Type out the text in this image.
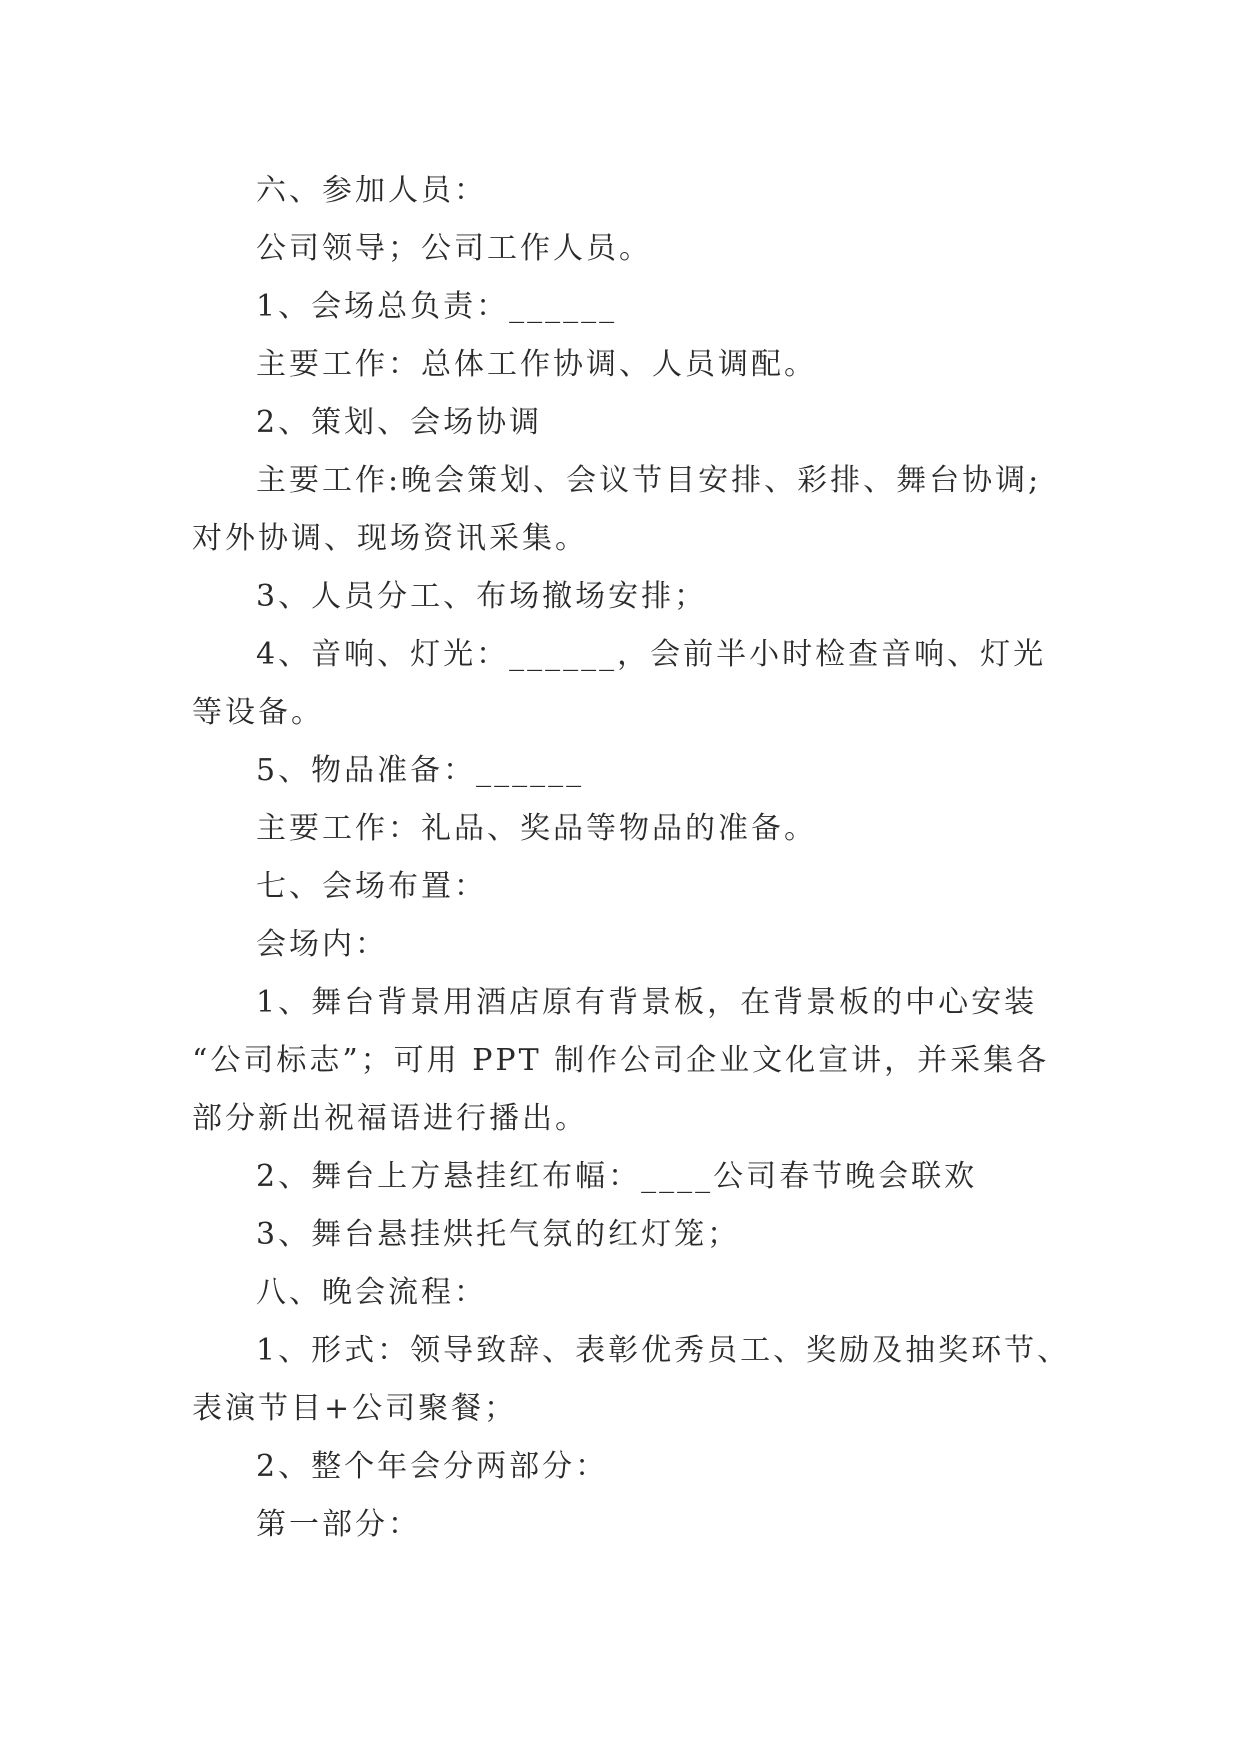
六、参加人员：

公司领导；公司工作人员。

1、会场总负责：______

主要工作：总体工作协调、人员调配。

2、策划、会场协调

主要工作:晚会策划、会议节目安排、彩排、舞台协调;

对外协调、现场资讯采集。

3、人员分工、布场撤场安排；

4、音响、灯光：______，会前半小时检查音响、灯光

等设备。

5、物品准备：______

主要工作：礼品、奖品等物品的准备。

七、会场布置：

会场内：

1、舞台背景用酒店原有背景板，在背景板的中心安装

“公司标志”；可用 PPT 制作公司企业文化宣讲，并采集各

部分新出祝福语进行播出。

2、舞台上方悬挂红布幅：____公司春节晚会联欢

3、舞台悬挂烘托气氛的红灯笼；

八、晚会流程：

1、形式：领导致辞、表彰优秀员工、奖励及抽奖环节、

表演节目+公司聚餐；

2、整个年会分两部分：

第一部分：
